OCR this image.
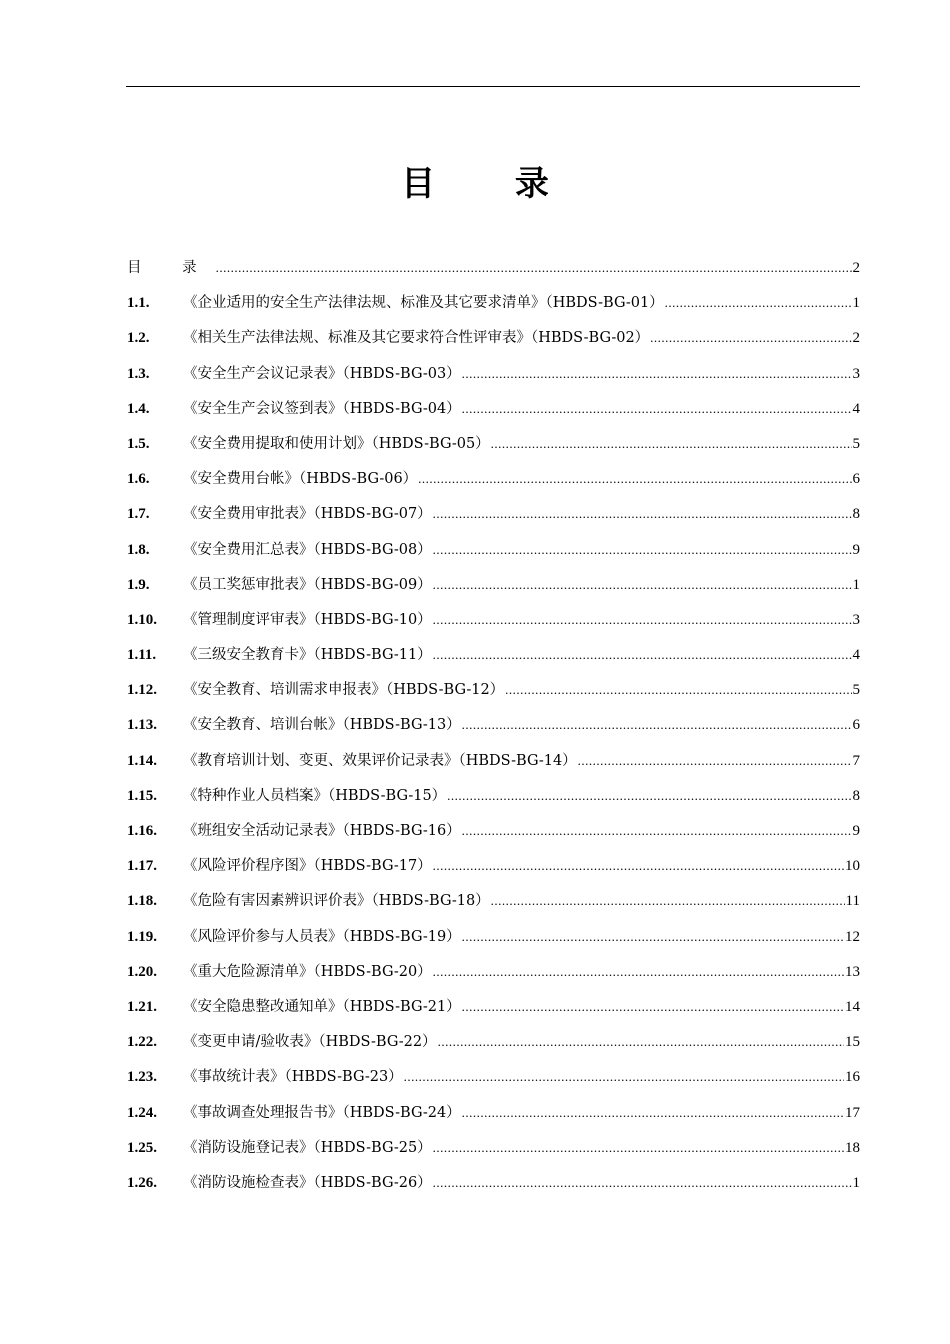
目 录
目 录 .....	2
1.1.	《企业适用的安全生产法律法规、标准及其它要求清单》（HBDS-BG-01） .....	1
1.2.	《相关生产法律法规、标准及其它要求符合性评审表》（HBDS-BG-02） .....	2
1.3.	《安全生产会议记录表》（HBDS-BG-03） .....	3
1.4.	《安全生产会议签到表》（HBDS-BG-04） .....	4
1.5.	《安全费用提取和使用计划》（HBDS-BG-05） .....	5
1.6.	《安全费用台帐》（HBDS-BG-06） .....	6
1.7.	《安全费用审批表》（HBDS-BG-07） .....	8
1.8.	《安全费用汇总表》（HBDS-BG-08） .....	9
1.9.	《员工奖惩审批表》（HBDS-BG-09） .....	1
1.10.	《管理制度评审表》（HBDS-BG-10） .....	3
1.11.	《三级安全教育卡》（HBDS-BG-11） .....	4
1.12.	《安全教育、培训需求申报表》（HBDS-BG-12） .....	5
1.13.	《安全教育、培训台帐》（HBDS-BG-13） .....	6
1.14.	《教育培训计划、变更、效果评价记录表》（HBDS-BG-14） .....	7
1.15.	《特种作业人员档案》（HBDS-BG-15） .....	8
1.16.	《班组安全活动记录表》（HBDS-BG-16） .....	9
1.17.	《风险评价程序图》（HBDS-BG-17） .....	10
1.18.	《危险有害因素辨识评价表》（HBDS-BG-18） .....	11
1.19.	《风险评价参与人员表》（HBDS-BG-19） .....	12
1.20.	《重大危险源清单》（HBDS-BG-20） .....	13
1.21.	《安全隐患整改通知单》（HBDS-BG-21） .....	14
1.22.	《变更申请/验收表》（HBDS-BG-22） .....	15
1.23.	《事故统计表》（HBDS-BG-23） .....	16
1.24.	《事故调查处理报告书》（HBDS-BG-24） .....	17
1.25.	《消防设施登记表》（HBDS-BG-25） .....	18
1.26.	《消防设施检查表》（HBDS-BG-26） .....	1
